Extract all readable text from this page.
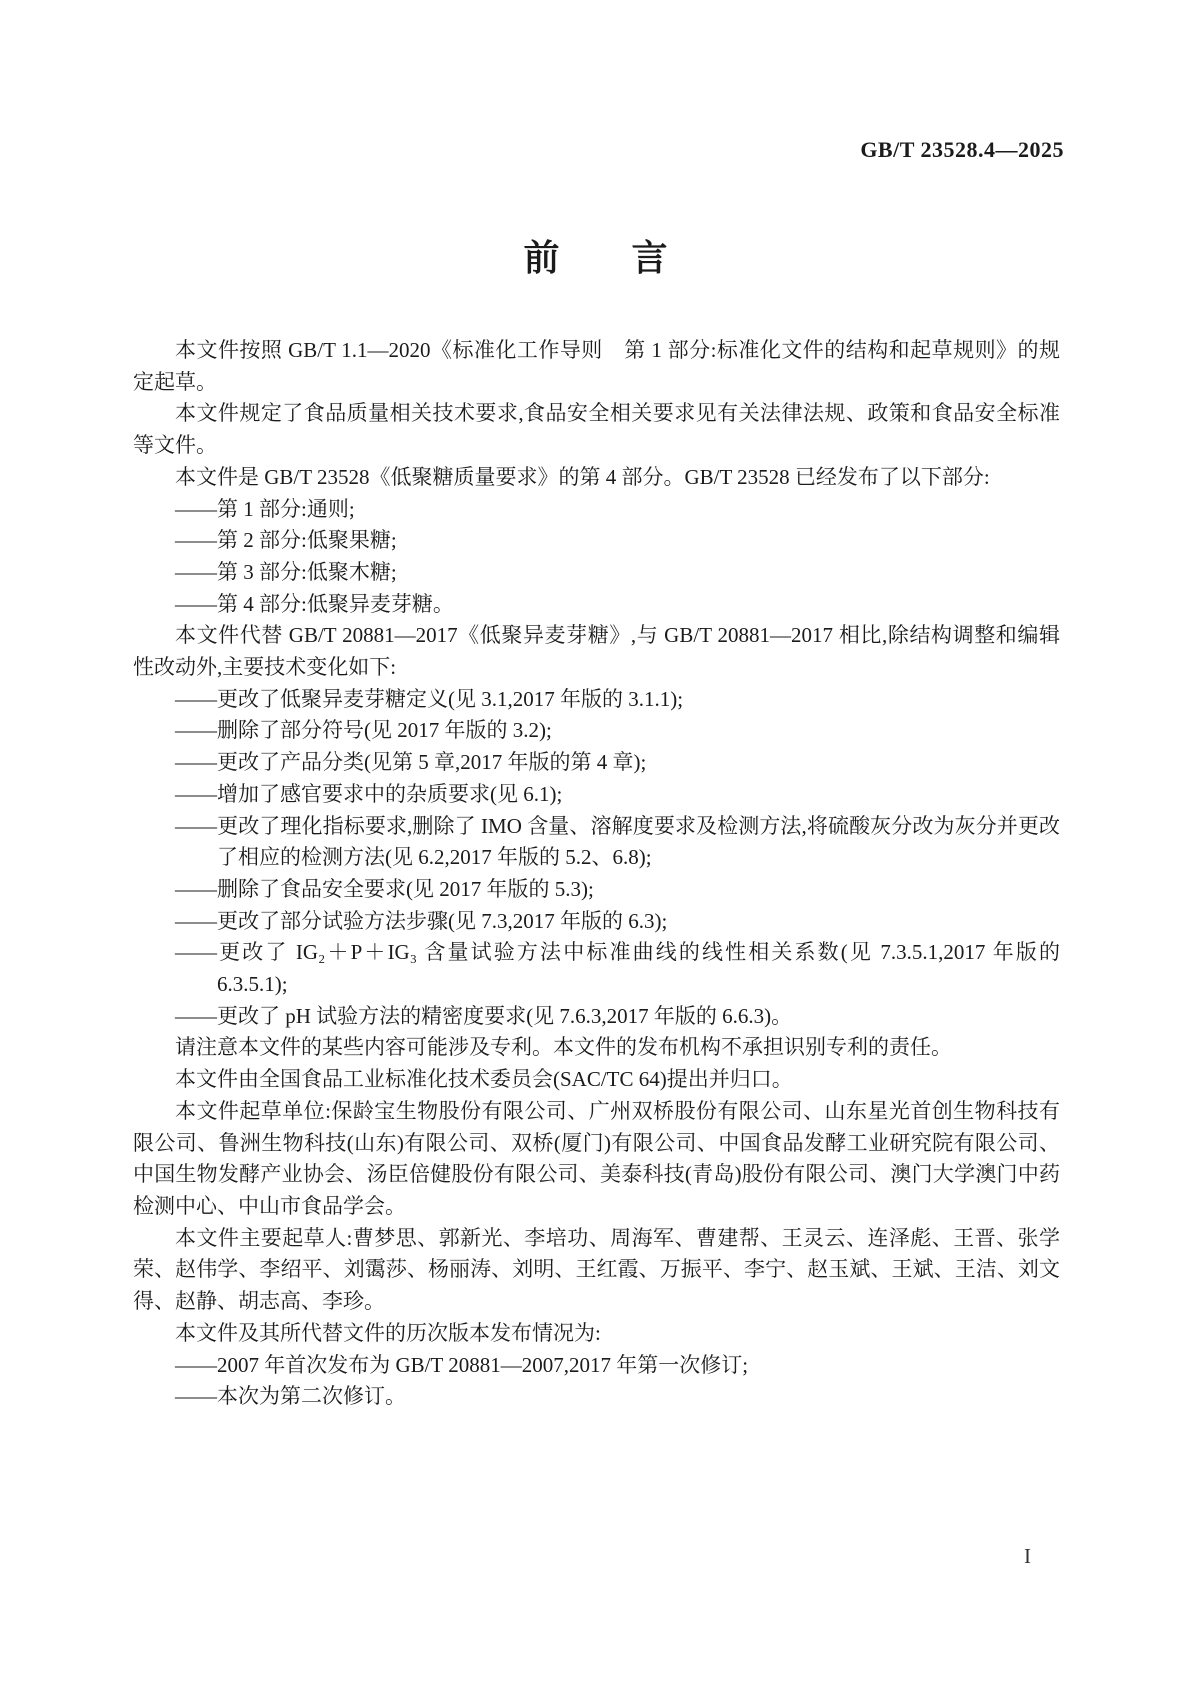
GB/T 23528.4—2025
前　　言

本文件按照 GB/T 1.1—2020《标准化工作导则　第 1 部分:标准化文件的结构和起草规则》的规定起草。

本文件规定了食品质量相关技术要求,食品安全相关要求见有关法律法规、政策和食品安全标准等文件。

本文件是 GB/T 23528《低聚糖质量要求》的第 4 部分。GB/T 23528 已经发布了以下部分:

——第 1 部分:通则;

——第 2 部分:低聚果糖;

——第 3 部分:低聚木糖;

——第 4 部分:低聚异麦芽糖。

本文件代替 GB/T 20881—2017《低聚异麦芽糖》,与 GB/T 20881—2017 相比,除结构调整和编辑性改动外,主要技术变化如下:

——更改了低聚异麦芽糖定义(见 3.1,2017 年版的 3.1.1);

——删除了部分符号(见 2017 年版的 3.2);

——更改了产品分类(见第 5 章,2017 年版的第 4 章);

——增加了感官要求中的杂质要求(见 6.1);

——更改了理化指标要求,删除了 IMO 含量、溶解度要求及检测方法,将硫酸灰分改为灰分并更改了相应的检测方法(见 6.2,2017 年版的 5.2、6.8);

——删除了食品安全要求(见 2017 年版的 5.3);

——更改了部分试验方法步骤(见 7.3,2017 年版的 6.3);

——更改了 IG₂＋P＋IG₃ 含量试验方法中标准曲线的线性相关系数(见 7.3.5.1,2017 年版的 6.3.5.1);

——更改了 pH 试验方法的精密度要求(见 7.6.3,2017 年版的 6.6.3)。

请注意本文件的某些内容可能涉及专利。本文件的发布机构不承担识别专利的责任。

本文件由全国食品工业标准化技术委员会(SAC/TC 64)提出并归口。

本文件起草单位:保龄宝生物股份有限公司、广州双桥股份有限公司、山东星光首创生物科技有限公司、鲁洲生物科技(山东)有限公司、双桥(厦门)有限公司、中国食品发酵工业研究院有限公司、中国生物发酵产业协会、汤臣倍健股份有限公司、美泰科技(青岛)股份有限公司、澳门大学澳门中药检测中心、中山市食品学会。

本文件主要起草人:曹梦思、郭新光、李培功、周海军、曹建帮、王灵云、连泽彪、王晋、张学荣、赵伟学、李绍平、刘霭莎、杨丽涛、刘明、王红霞、万振平、李宁、赵玉斌、王斌、王洁、刘文得、赵静、胡志高、李珍。

本文件及其所代替文件的历次版本发布情况为:

——2007 年首次发布为 GB/T 20881—2007,2017 年第一次修订;

——本次为第二次修订。

I
